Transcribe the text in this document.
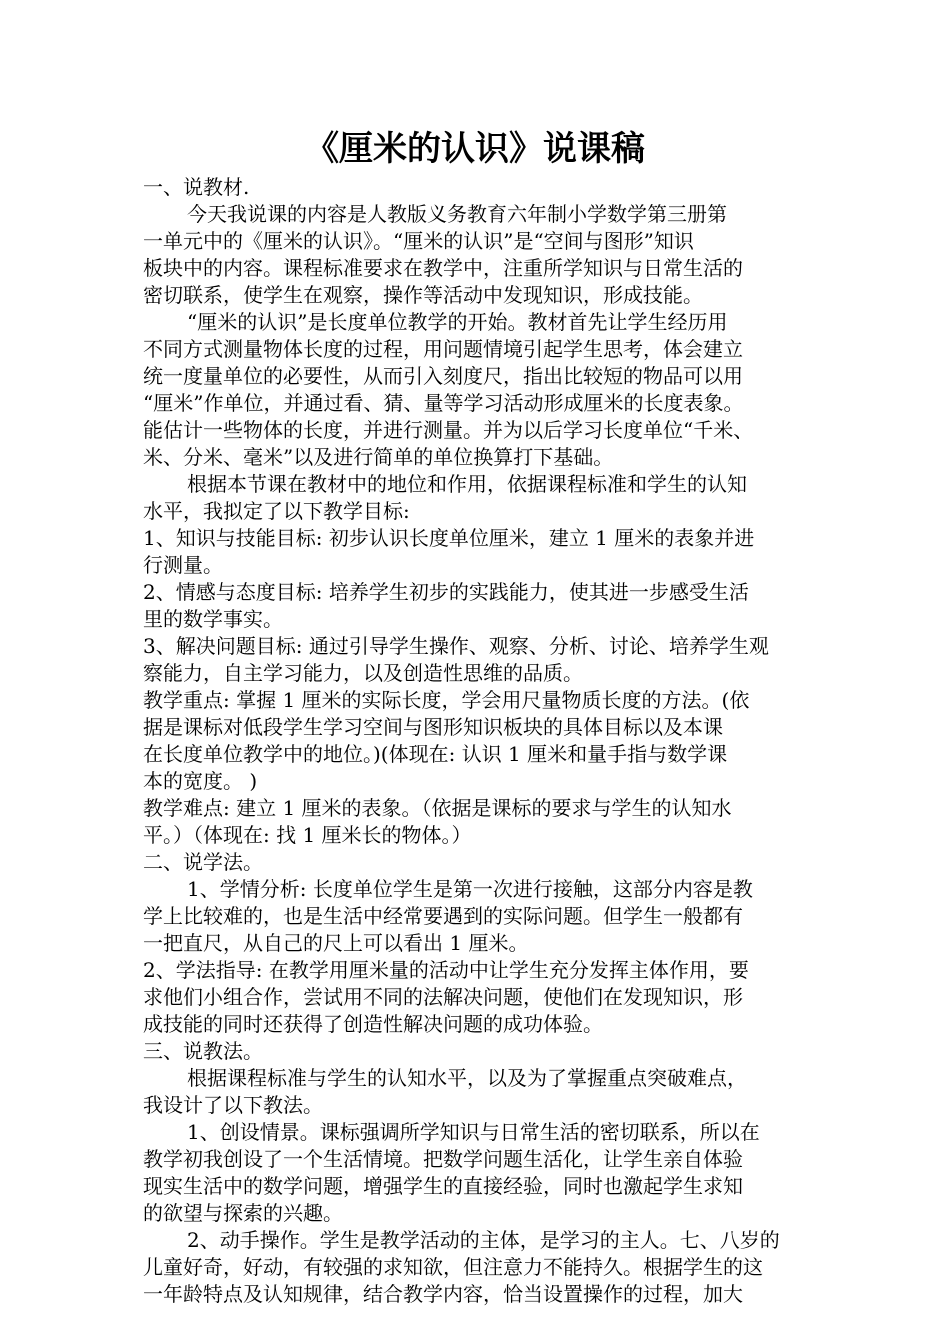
《厘米的认识》说课稿
一、说教材.
今天我说课的内容是人教版义务教育六年制小学数学第三册第
一单元中的《厘米的认识》。“厘米的认识”是“空间与图形”知识
板块中的内容。课程标准要求在教学中，注重所学知识与日常生活的
密切联系，使学生在观察，操作等活动中发现知识，形成技能。
“厘米的认识”是长度单位教学的开始。教材首先让学生经历用
不同方式测量物体长度的过程，用问题情境引起学生思考，体会建立
统一度量单位的必要性，从而引入刻度尺，指出比较短的物品可以用
“厘米”作单位，并通过看、猜、量等学习活动形成厘米的长度表象。
能估计一些物体的长度，并进行测量。并为以后学习长度单位“千米、
米、分米、毫米”以及进行简单的单位换算打下基础。
根据本节课在教材中的地位和作用，依据课程标准和学生的认知
水平，我拟定了以下教学目标:
1、知识与技能目标: 初步认识长度单位厘米，建立 1 厘米的表象并进
行测量。
2、情感与态度目标: 培养学生初步的实践能力，使其进一步感受生活
里的数学事实。
3、解决问题目标: 通过引导学生操作、观察、分析、讨论、培养学生观
察能力，自主学习能力，以及创造性思维的品质。
教学重点: 掌握 1 厘米的实际长度，学会用尺量物质长度的方法。(依
据是课标对低段学生学习空间与图形知识板块的具体目标以及本课
在长度单位教学中的地位。)(体现在: 认识 1 厘米和量手指与数学课
本的宽度。 )
教学难点: 建立 1 厘米的表象。（依据是课标的要求与学生的认知水
平。）（体现在: 找 1 厘米长的物体。）
二、说学法。
1、学情分析: 长度单位学生是第一次进行接触，这部分内容是教
学上比较难的，也是生活中经常要遇到的实际问题。但学生一般都有
一把直尺，从自己的尺上可以看出 1 厘米。
2、学法指导: 在教学用厘米量的活动中让学生充分发挥主体作用，要
求他们小组合作，尝试用不同的法解决问题，使他们在发现知识，形
成技能的同时还获得了创造性解决问题的成功体验。
三、说教法。
根据课程标准与学生的认知水平，以及为了掌握重点突破难点，
我设计了以下教法。
1、创设情景。课标强调所学知识与日常生活的密切联系，所以在
教学初我创设了一个生活情境。把数学问题生活化，让学生亲自体验
现实生活中的数学问题，增强学生的直接经验，同时也激起学生求知
的欲望与探索的兴趣。
2、动手操作。学生是教学活动的主体，是学习的主人。七、八岁的
儿童好奇，好动，有较强的求知欲，但注意力不能持久。根据学生的这
一年龄特点及认知规律，结合教学内容，恰当设置操作的过程，加大
